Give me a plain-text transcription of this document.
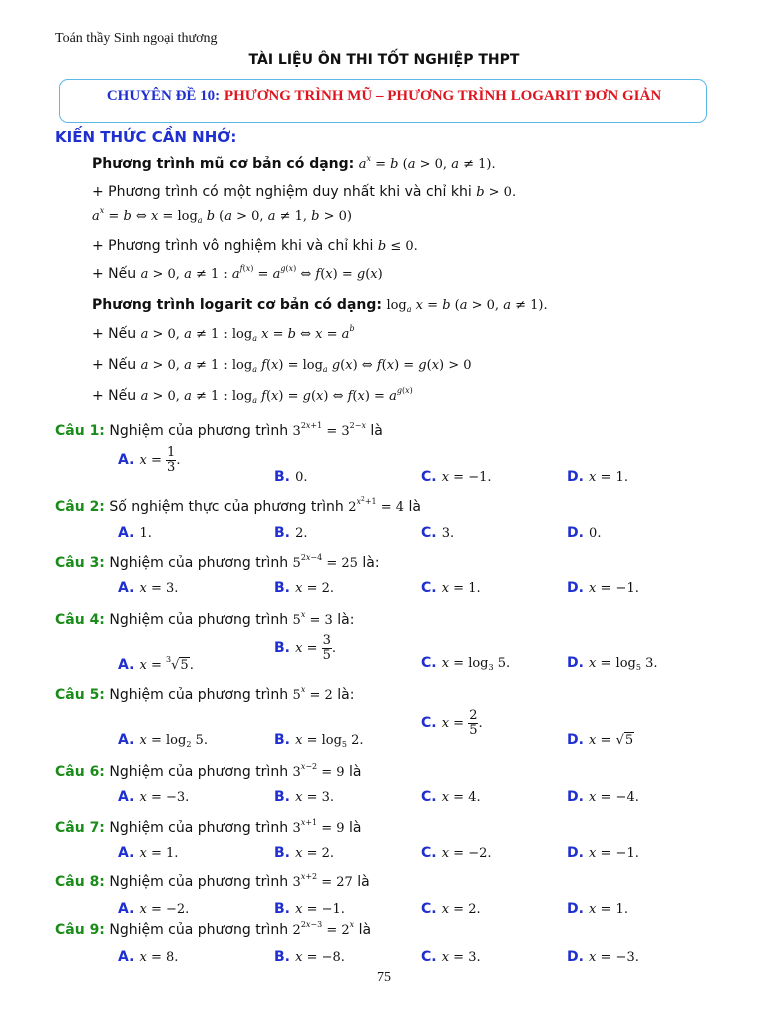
Toán thầy Sinh ngoại thương
TÀI LIỆU ÔN THI TỐT NGHIỆP THPT
CHUYÊN ĐỀ 10: PHƯƠNG TRÌNH MŨ – PHƯƠNG TRÌNH LOGARIT ĐƠN GIẢN
KIẾN THỨC CẦN NHỚ:
Phương trình mũ cơ bản có dạng: $a^x = b$ (a > 0, a ≠ 1).
+ Phương trình có một nghiệm duy nhất khi và chỉ khi b > 0.
$a^x = b$ ⇔ $x = \log_a b$ (a > 0, a ≠ 1, b > 0)
+ Phương trình vô nghiệm khi và chỉ khi b ≤ 0.
+ Nếu a > 0, a ≠ 1 : $a^{f(x)} = a^{g(x)}$ ⇔ f(x) = g(x)
Phương trình logarit cơ bản có dạng: $\log_a x = b$ (a > 0, a ≠ 1).
+ Nếu a > 0, a ≠ 1 : $\log_a x = b$ ⇔ $x = a^b$
+ Nếu a > 0, a ≠ 1 : $\log_a f(x) = \log_a g(x)$ ⇔ f(x) = g(x) > 0
+ Nếu a > 0, a ≠ 1 : $\log_a f(x) = g(x)$ ⇔ $f(x) = a^{g(x)}$
Câu 1: Nghiệm của phương trình $3^{2x+1} = 3^{2-x}$ là
A. $x = \frac{1}{3}$ .
B. 0.	C. x = −1.	D. x = 1.
Câu 2: Số nghiệm thực của phương trình $2^{x^2+1} = 4$ là
A. 1.	B. 2.	C. 3.	D. 0.
Câu 3: Nghiệm của phương trình $5^{2x-4} = 25$ là:
A. x = 3.	B. x = 2.	C. x = 1.	D. x = −1.
Câu 4: Nghiệm của phương trình $5^x = 3$ là:
A. x = $^3$√5.
B. $x = \frac{3}{5}$ .
C. $x = \log_3 5$.	D. $x = \log_5 3$.
Câu 5: Nghiệm của phương trình $5^x = 2$ là:
A. $x = \log_2 5$.	B. $x = \log_5 2$.
C. $x = \frac{2}{5}$ .
D. x = √5
Câu 6: Nghiệm của phương trình $3^{x-2} = 9$ là
A. x = −3.	B. x = 3.	C. x = 4.	D. x = −4.
Câu 7: Nghiệm của phương trình $3^{x+1} = 9$ là
A. x = 1.	B. x = 2.	C. x = −2.	D. x = −1.
Câu 8: Nghiệm của phương trình $3^{x+2} = 27$ là
A. x = −2.	B. x = −1.	C. x = 2.	D. x = 1.
Câu 9: Nghiệm của phương trình $2^{2x-3} = 2^x$ là
A. x = 8.	B. x = −8.	C. x = 3.	D. x = −3.
75
